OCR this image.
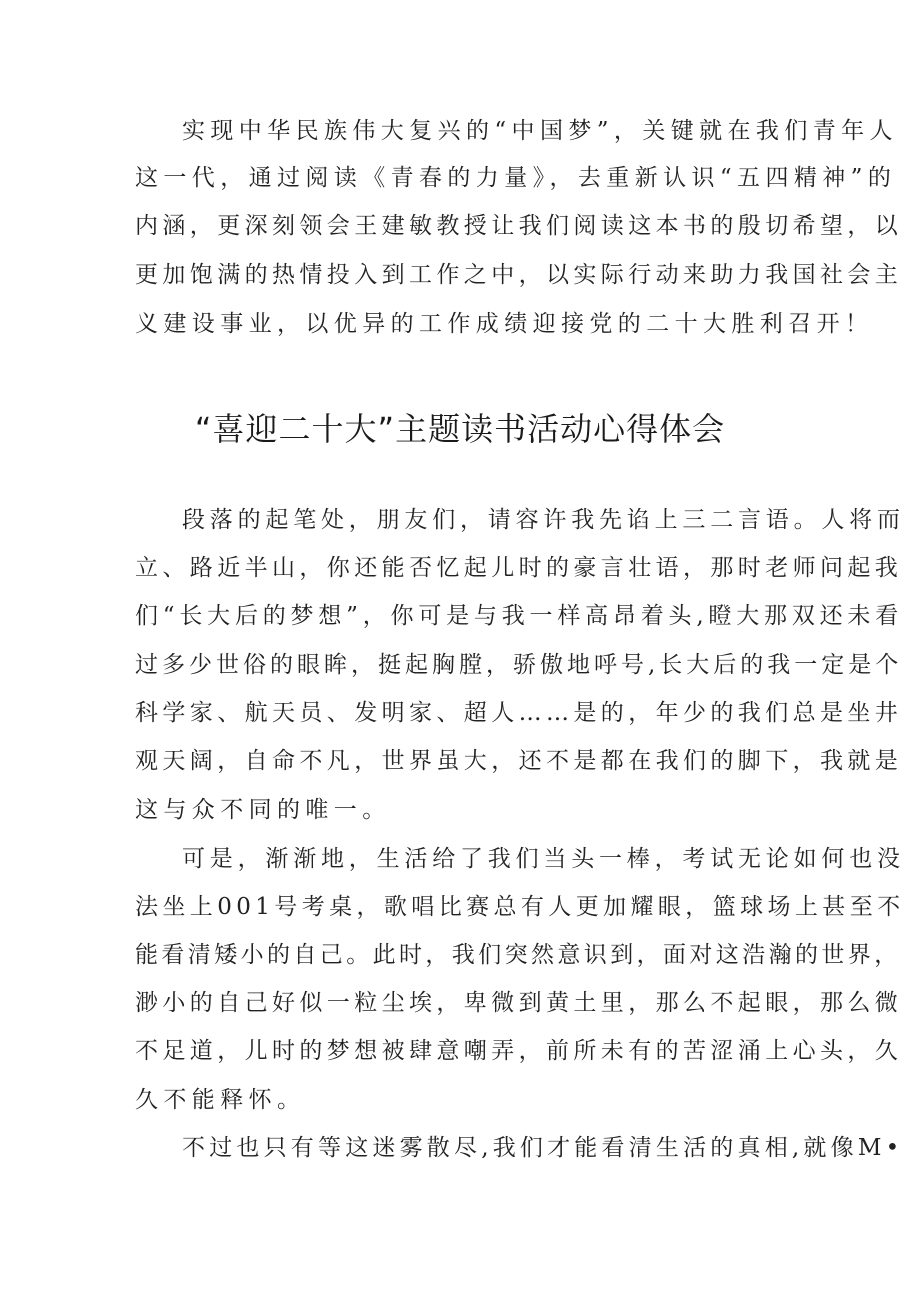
实现中华民族伟大复兴的“中国梦”，关键就在我们青年人
这一代，通过阅读《青春的力量》，去重新认识“五四精神”的
内涵，更深刻领会王建敏教授让我们阅读这本书的殷切希望，以
更加饱满的热情投入到工作之中，以实际行动来助力我国社会主
义建设事业，以优异的工作成绩迎接党的二十大胜利召开！
“喜迎二十大”主题读书活动心得体会
段落的起笔处，朋友们，请容许我先谄上三二言语。人将而
立、路近半山，你还能否忆起儿时的豪言壮语，那时老师问起我
们“长大后的梦想”，你可是与我一样高昂着头,瞪大那双还未看
过多少世俗的眼眸，挺起胸膛，骄傲地呼号,长大后的我一定是个
科学家、航天员、发明家、超人……是的，年少的我们总是坐井
观天阔，自命不凡，世界虽大，还不是都在我们的脚下，我就是
这与众不同的唯一。
可是，渐渐地，生活给了我们当头一棒，考试无论如何也没
法坐上001号考桌，歌唱比赛总有人更加耀眼，篮球场上甚至不
能看清矮小的自己。此时，我们突然意识到，面对这浩瀚的世界，
渺小的自己好似一粒尘埃，卑微到黄土里，那么不起眼，那么微
不足道，儿时的梦想被肆意嘲弄，前所未有的苦涩涌上心头，久
久不能释怀。
不过也只有等这迷雾散尽,我们才能看清生活的真相,就像M•
